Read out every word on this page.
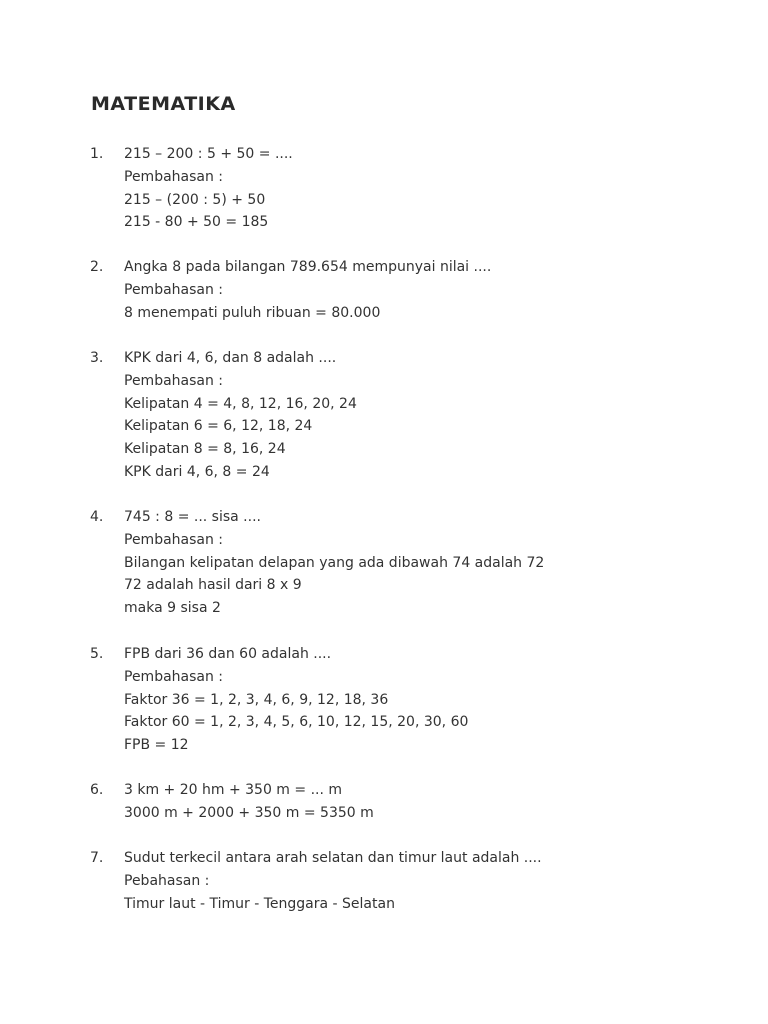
MATEMATIKA
1. 215 – 200 : 5 + 50 = ....
Pembahasan :
215 – (200 : 5) + 50
215 - 80 + 50 = 185
2. Angka 8 pada bilangan 789.654 mempunyai nilai ....
Pembahasan :
8 menempati puluh ribuan = 80.000
3. KPK dari 4, 6, dan 8 adalah ....
Pembahasan :
Kelipatan 4 = 4, 8, 12, 16, 20, 24
Kelipatan 6 = 6, 12, 18, 24
Kelipatan 8 = 8, 16, 24
KPK dari 4, 6, 8 = 24
4. 745 : 8 = ... sisa ....
Pembahasan :
Bilangan kelipatan delapan yang ada dibawah 74 adalah 72
72 adalah hasil dari 8 x 9
maka 9 sisa 2
5. FPB dari 36 dan 60 adalah ....
Pembahasan :
Faktor 36 = 1, 2, 3, 4, 6, 9, 12, 18, 36
Faktor 60 = 1, 2, 3, 4, 5, 6, 10, 12, 15, 20, 30, 60
FPB = 12
6. 3 km + 20 hm + 350 m = ... m
3000 m + 2000 + 350 m = 5350 m
7. Sudut terkecil antara arah selatan dan timur laut adalah ....
Pebahasan :
Timur laut - Timur - Tenggara - Selatan
